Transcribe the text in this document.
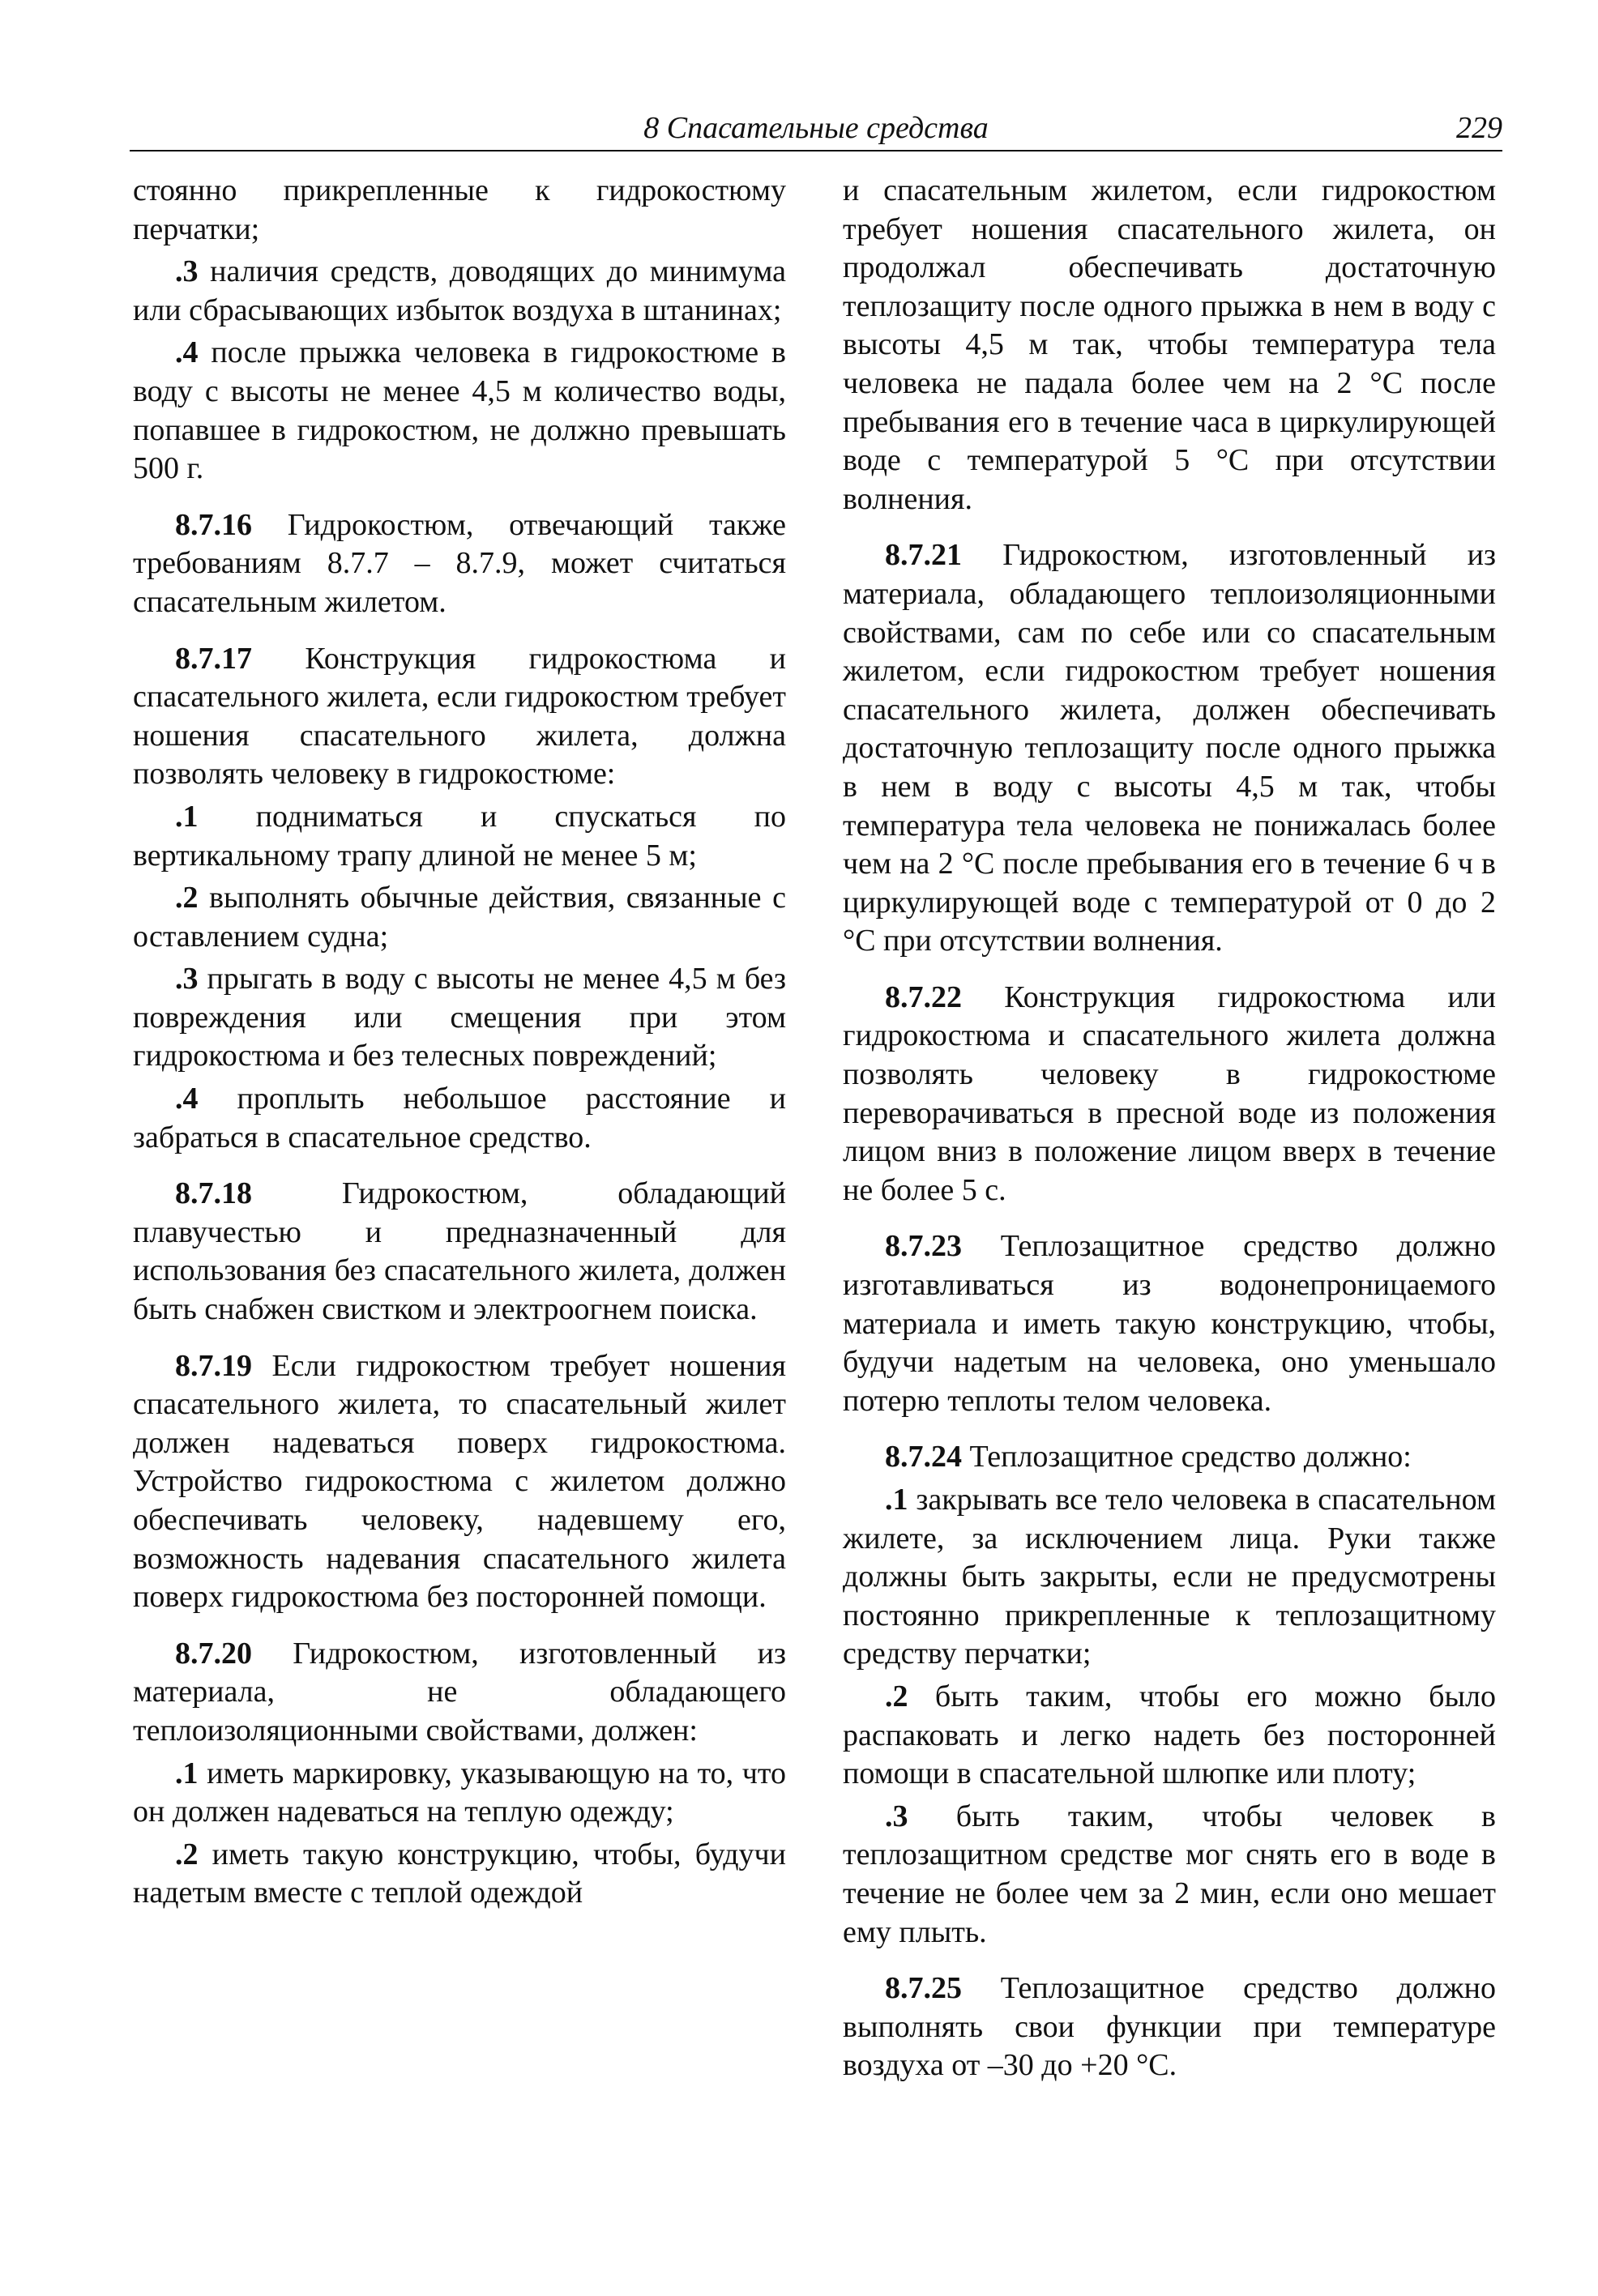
8 Спасательные средства	229

стоянно прикрепленные к гидрокостюму перчатки;

.3 наличия средств, доводящих до минимума или сбрасывающих избыток воздуха в штанинах;

.4 после прыжка человека в гидрокостюме в воду с высоты не менее 4,5 м количество воды, попавшее в гидрокостюм, не должно превышать 500 г.

8.7.16 Гидрокостюм, отвечающий также требованиям 8.7.7 – 8.7.9, может считаться спасательным жилетом.

8.7.17 Конструкция гидрокостюма и спасательного жилета, если гидрокостюм требует ношения спасательного жилета, должна позволять человеку в гидрокостюме:

.1 подниматься и спускаться по вертикальному трапу длиной не менее 5 м;

.2 выполнять обычные действия, связанные с оставлением судна;

.3 прыгать в воду с высоты не менее 4,5 м без повреждения или смещения при этом гидрокостюма и без телесных повреждений;

.4 проплыть небольшое расстояние и забраться в спасательное средство.

8.7.18 Гидрокостюм, обладающий плавучестью и предназначенный для использования без спасательного жилета, должен быть снабжен свистком и электроогнем поиска.

8.7.19 Если гидрокостюм требует ношения спасательного жилета, то спасательный жилет должен надеваться поверх гидрокостюма. Устройство гидрокостюма с жилетом должно обеспечивать человеку, надевшему его, возможность надевания спасательного жилета поверх гидрокостюма без посторонней помощи.

8.7.20 Гидрокостюм, изготовленный из материала, не обладающего теплоизоляционными свойствами, должен:

.1 иметь маркировку, указывающую на то, что он должен надеваться на теплую одежду;

.2 иметь такую конструкцию, чтобы, будучи надетым вместе с теплой одеждой

и спасательным жилетом, если гидрокостюм требует ношения спасательного жилета, он продолжал обеспечивать достаточную теплозащиту после одного прыжка в нем в воду с высоты 4,5 м так, чтобы температура тела человека не падала более чем на 2 °С после пребывания его в течение часа в циркулирующей воде с температурой 5 °С при отсутствии волнения.

8.7.21 Гидрокостюм, изготовленный из материала, обладающего теплоизоляционными свойствами, сам по себе или со спасательным жилетом, если гидрокостюм требует ношения спасательного жилета, должен обеспечивать достаточную теплозащиту после одного прыжка в нем в воду с высоты 4,5 м так, чтобы температура тела человека не понижалась более чем на 2 °С после пребывания его в течение 6 ч в циркулирующей воде с температурой от 0 до 2 °С при отсутствии волнения.

8.7.22 Конструкция гидрокостюма или гидрокостюма и спасательного жилета должна позволять человеку в гидрокостюме переворачиваться в пресной воде из положения лицом вниз в положение лицом вверх в течение не более 5 с.

8.7.23 Теплозащитное средство должно изготавливаться из водонепроницаемого материала и иметь такую конструкцию, чтобы, будучи надетым на человека, оно уменьшало потерю теплоты телом человека.

8.7.24 Теплозащитное средство должно:

.1 закрывать все тело человека в спасательном жилете, за исключением лица. Руки также должны быть закрыты, если не предусмотрены постоянно прикрепленные к теплозащитному средству перчатки;

.2 быть таким, чтобы его можно было распаковать и легко надеть без посторонней помощи в спасательной шлюпке или плоту;

.3 быть таким, чтобы человек в теплозащитном средстве мог снять его в воде в течение не более чем за 2 мин, если оно мешает ему плыть.

8.7.25 Теплозащитное средство должно выполнять свои функции при температуре воздуха от –30 до +20 °С.
